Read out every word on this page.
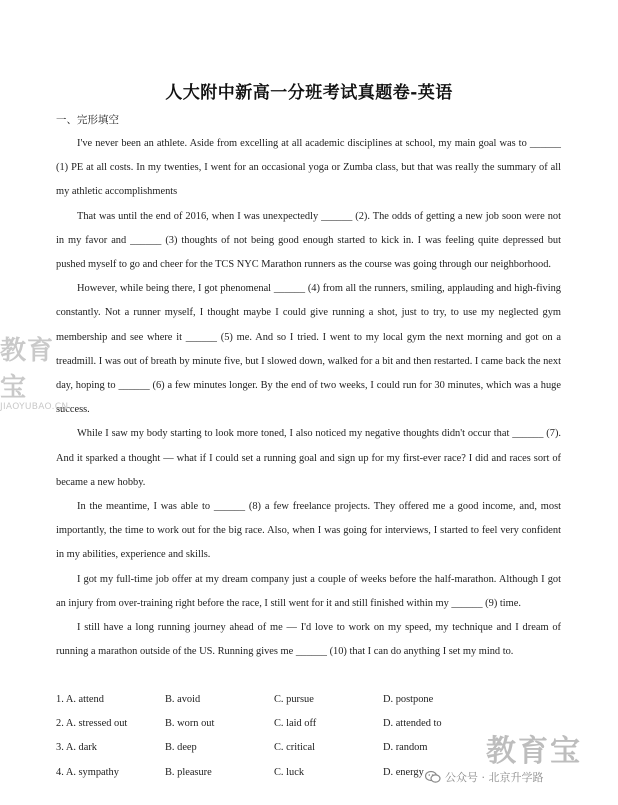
人大附中新高一分班考试真题卷-英语
一、完形填空

I've never been an athlete. Aside from excelling at all academic disciplines at school, my main goal was to ______ (1) PE at all costs. In my twenties, I went for an occasional yoga or Zumba class, but that was really the summary of all my athletic accomplishments

That was until the end of 2016, when I was unexpectedly ______ (2). The odds of getting a new job soon were not in my favor and ______ (3) thoughts of not being good enough started to kick in. I was feeling quite depressed but pushed myself to go and cheer for the TCS NYC Marathon runners as the course was going through our neighborhood.

However, while being there, I got phenomenal ______ (4) from all the runners, smiling, applauding and high-fiving constantly. Not a runner myself, I thought maybe I could give running a shot, just to try, to use my neglected gym membership and see where it ______ (5) me. And so I tried. I went to my local gym the next morning and got on a treadmill. I was out of breath by minute five, but I slowed down, walked for a bit and then restarted. I came back the next day, hoping to ______ (6) a few minutes longer. By the end of two weeks, I could run for 30 minutes, which was a huge success.

While I saw my body starting to look more toned, I also noticed my negative thoughts didn't occur that ______ (7). And it sparked a thought — what if I could set a running goal and sign up for my first-ever race? I did and races sort of became a new hobby.

In the meantime, I was able to ______ (8) a few freelance projects. They offered me a good income, and, most importantly, the time to work out for the big race. Also, when I was going for interviews, I started to feel very confident in my abilities, experience and skills.

I got my full-time job offer at my dream company just a couple of weeks before the half-marathon. Although I got an injury from over-training right before the race, I still went for it and still finished within my ______ (9) time.

I still have a long running journey ahead of me — I'd love to work on my speed, my technique and I dream of running a marathon outside of the US. Running gives me ______ (10) that I can do anything I set my mind to.

1. A. attend	B. avoid	C. pursue	D. postpone
2. A. stressed out	B. worn out	C. laid off	D. attended to
3. A. dark	B. deep	C. critical	D. random
4. A. sympathy	B. pleasure	C. luck	D. energy
教育宝
JIAOYUBAO.CN
教育宝
公众号 · 北京升学路
